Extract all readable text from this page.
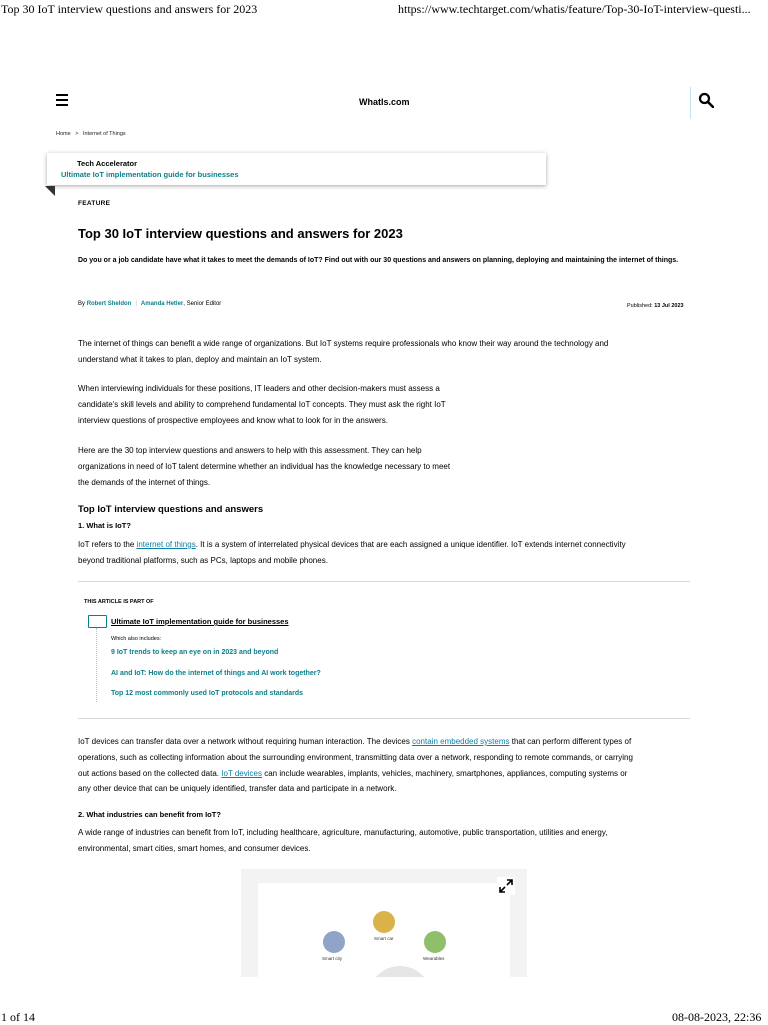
Top 30 IoT interview questions and answers for 2023	https://www.techtarget.com/whatis/feature/Top-30-IoT-interview-questi...
WhatIs.com
Home > Internet of Things
Tech Accelerator
Ultimate IoT implementation guide for businesses
FEATURE
Top 30 IoT interview questions and answers for 2023
Do you or a job candidate have what it takes to meet the demands of IoT? Find out with our 30 questions and answers on planning, deploying and maintaining the internet of things.
By Robert Sheldon | Amanda Hetler, Senior Editor	Published: 13 Jul 2023
The internet of things can benefit a wide range of organizations. But IoT systems require professionals who know their way around the technology and
understand what it takes to plan, deploy and maintain an IoT system.
When interviewing individuals for these positions, IT leaders and other decision-makers must assess a
candidate's skill levels and ability to comprehend fundamental IoT concepts. They must ask the right IoT
interview questions of prospective employees and know what to look for in the answers.
Here are the 30 top interview questions and answers to help with this assessment. They can help
organizations in need of IoT talent determine whether an individual has the knowledge necessary to meet
the demands of the internet of things.
Top IoT interview questions and answers
1. What is IoT?
IoT refers to the internet of things. It is a system of interrelated physical devices that are each assigned a unique identifier. IoT extends internet connectivity
beyond traditional platforms, such as PCs, laptops and mobile phones.
THIS ARTICLE IS PART OF
Ultimate IoT implementation guide for businesses
Which also includes:
9 IoT trends to keep an eye on in 2023 and beyond
AI and IoT: How do the internet of things and AI work together?
Top 12 most commonly used IoT protocols and standards
IoT devices can transfer data over a network without requiring human interaction. The devices contain embedded systems that can perform different types of
operations, such as collecting information about the surrounding environment, transmitting data over a network, responding to remote commands, or carrying
out actions based on the collected data. IoT devices can include wearables, implants, vehicles, machinery, smartphones, appliances, computing systems or
any other device that can be uniquely identified, transfer data and participate in a network.
2. What industries can benefit from IoT?
A wide range of industries can benefit from IoT, including healthcare, agriculture, manufacturing, automotive, public transportation, utilities and energy,
environmental, smart cities, smart homes, and consumer devices.
Smart city
Smart car
Wearables
1 of 14	08-08-2023, 22:36
